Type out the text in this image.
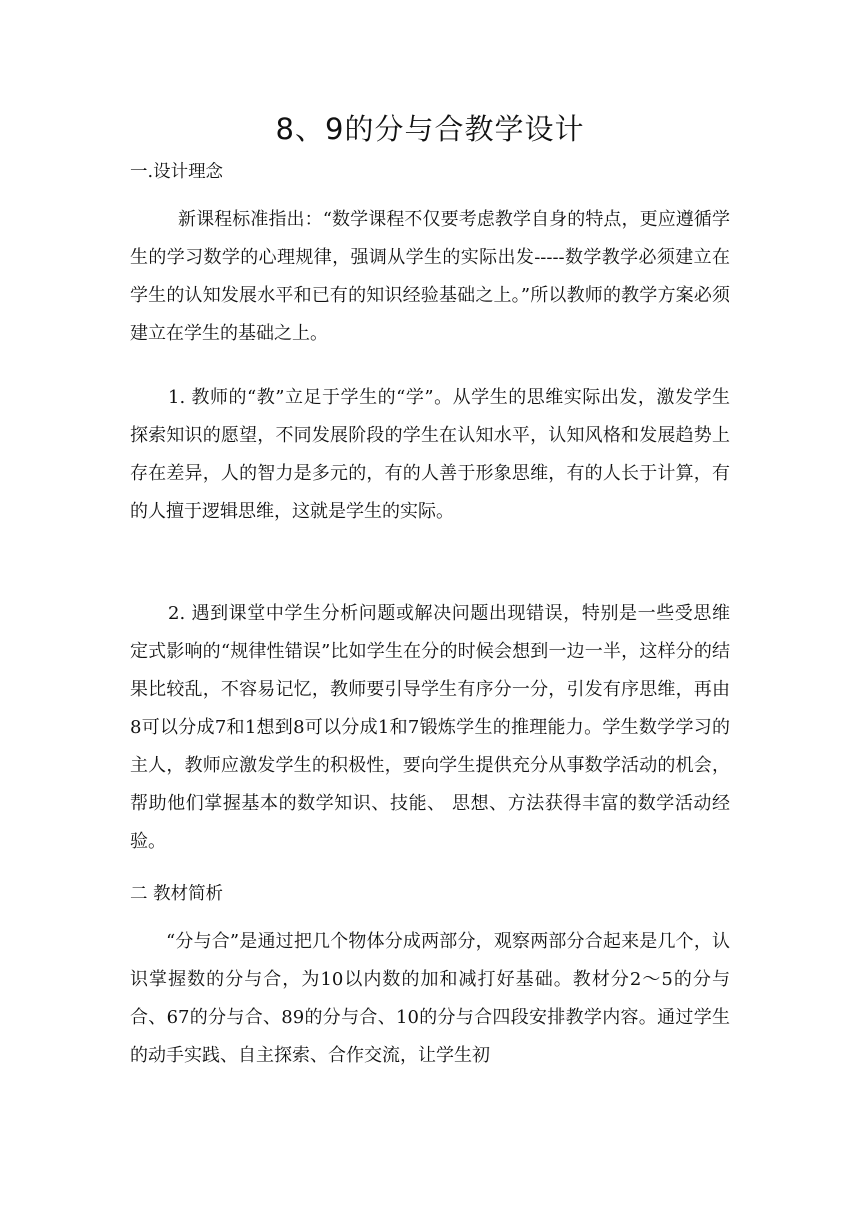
8、9的分与合教学设计
一.设计理念

新课程标准指出：“数学课程不仅要考虑教学自身的特点，更应遵循学生的学习数学的心理规律，强调从学生的实际出发-----数学教学必须建立在学生的认知发展水平和已有的知识经验基础之上。”所以教师的教学方案必须建立在学生的基础之上。

1. 教师的“教”立足于学生的“学”。从学生的思维实际出发，激发学生探索知识的愿望，不同发展阶段的学生在认知水平，认知风格和发展趋势上存在差异，人的智力是多元的，有的人善于形象思维，有的人长于计算，有的人擅于逻辑思维，这就是学生的实际。

2. 遇到课堂中学生分析问题或解决问题出现错误，特别是一些受思维定式影响的“规律性错误”比如学生在分的时候会想到一边一半，这样分的结果比较乱，不容易记忆，教师要引导学生有序分一分，引发有序思维，再由8可以分成7和1想到8可以分成1和7锻炼学生的推理能力。学生数学学习的主人，教师应激发学生的积极性，要向学生提供充分从事数学活动的机会，帮助他们掌握基本的数学知识、技能、 思想、方法获得丰富的数学活动经验。

二 教材简析

“分与合”是通过把几个物体分成两部分，观察两部分合起来是几个，认识掌握数的分与合，为10以内数的加和减打好基础。教材分2～5的分与合、67的分与合、89的分与合、10的分与合四段安排教学内容。通过学生的动手实践、自主探索、合作交流，让学生初
